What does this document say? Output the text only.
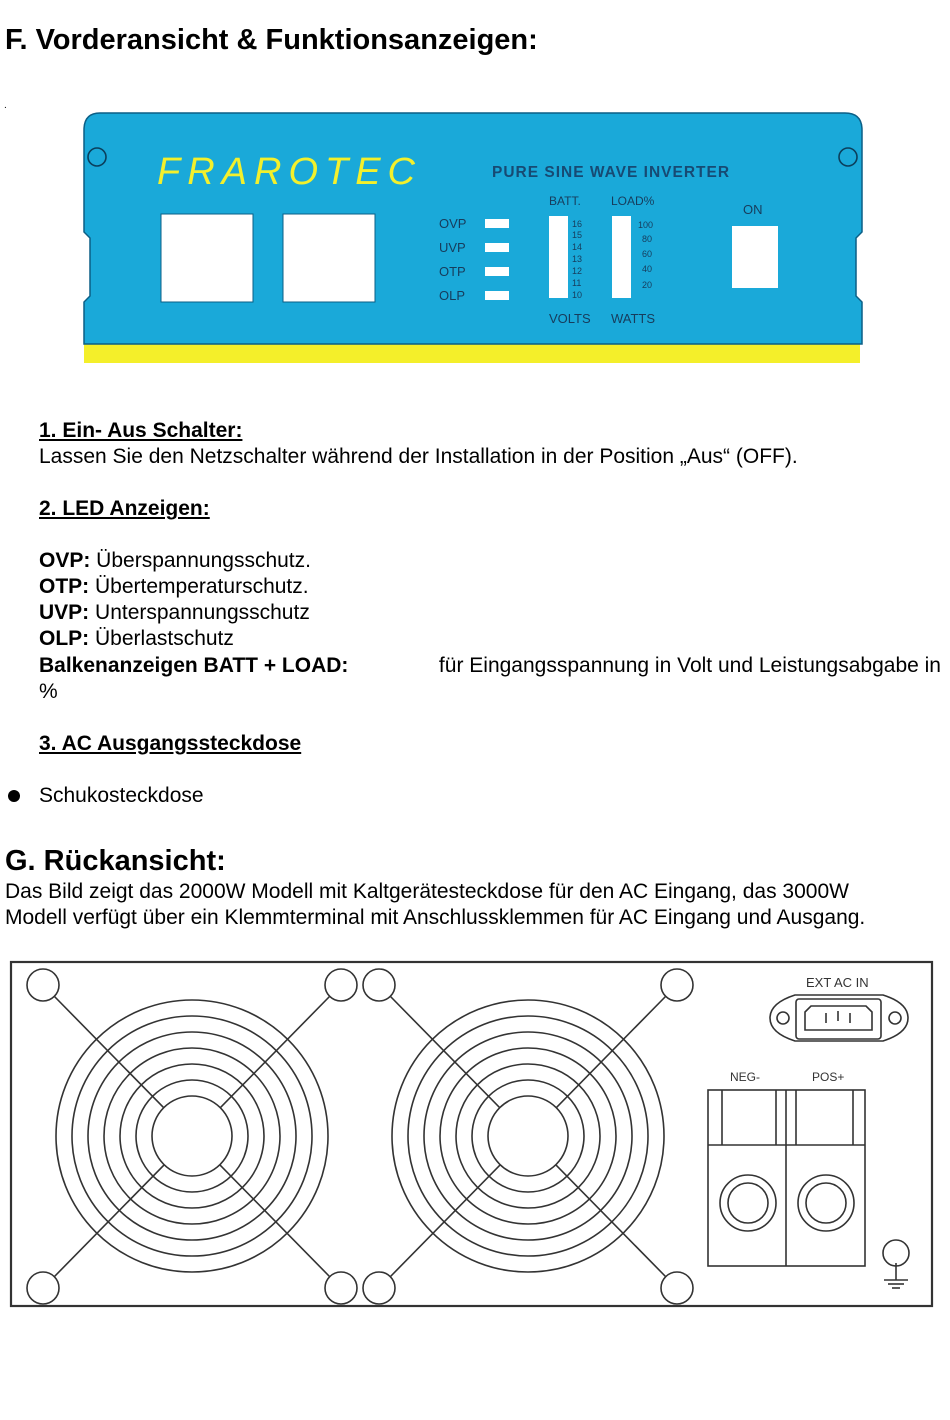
F. Vorderansicht & Funktionsanzeigen:
.
FRAROTEC	PURE SINE WAVE INVERTER
OVP
UVP
OTP
OLP
BATT.
16
15
14
13
12
11
10
VOLTS
LOAD%
100
80
60
40
20
WATTS
ON
1. Ein- Aus Schalter:
Lassen Sie den Netzschalter während der Installation in der Position „Aus“ (OFF).
2. LED Anzeigen:
OVP: Überspannungsschutz.
OTP: Übertemperaturschutz.
UVP: Unterspannungsschutz
OLP: Überlastschutz
Balkenanzeigen BATT + LOAD:	für Eingangsspannung in Volt und Leistungsabgabe in
%
3. AC Ausgangssteckdose
Schukosteckdose
G. Rückansicht:
Das Bild zeigt das 2000W Modell mit Kaltgerätesteckdose für den AC Eingang, das 3000W
Modell verfügt über ein Klemmterminal mit Anschlussklemmen für AC Eingang und Ausgang.
EXT AC IN
NEG-	POS+
